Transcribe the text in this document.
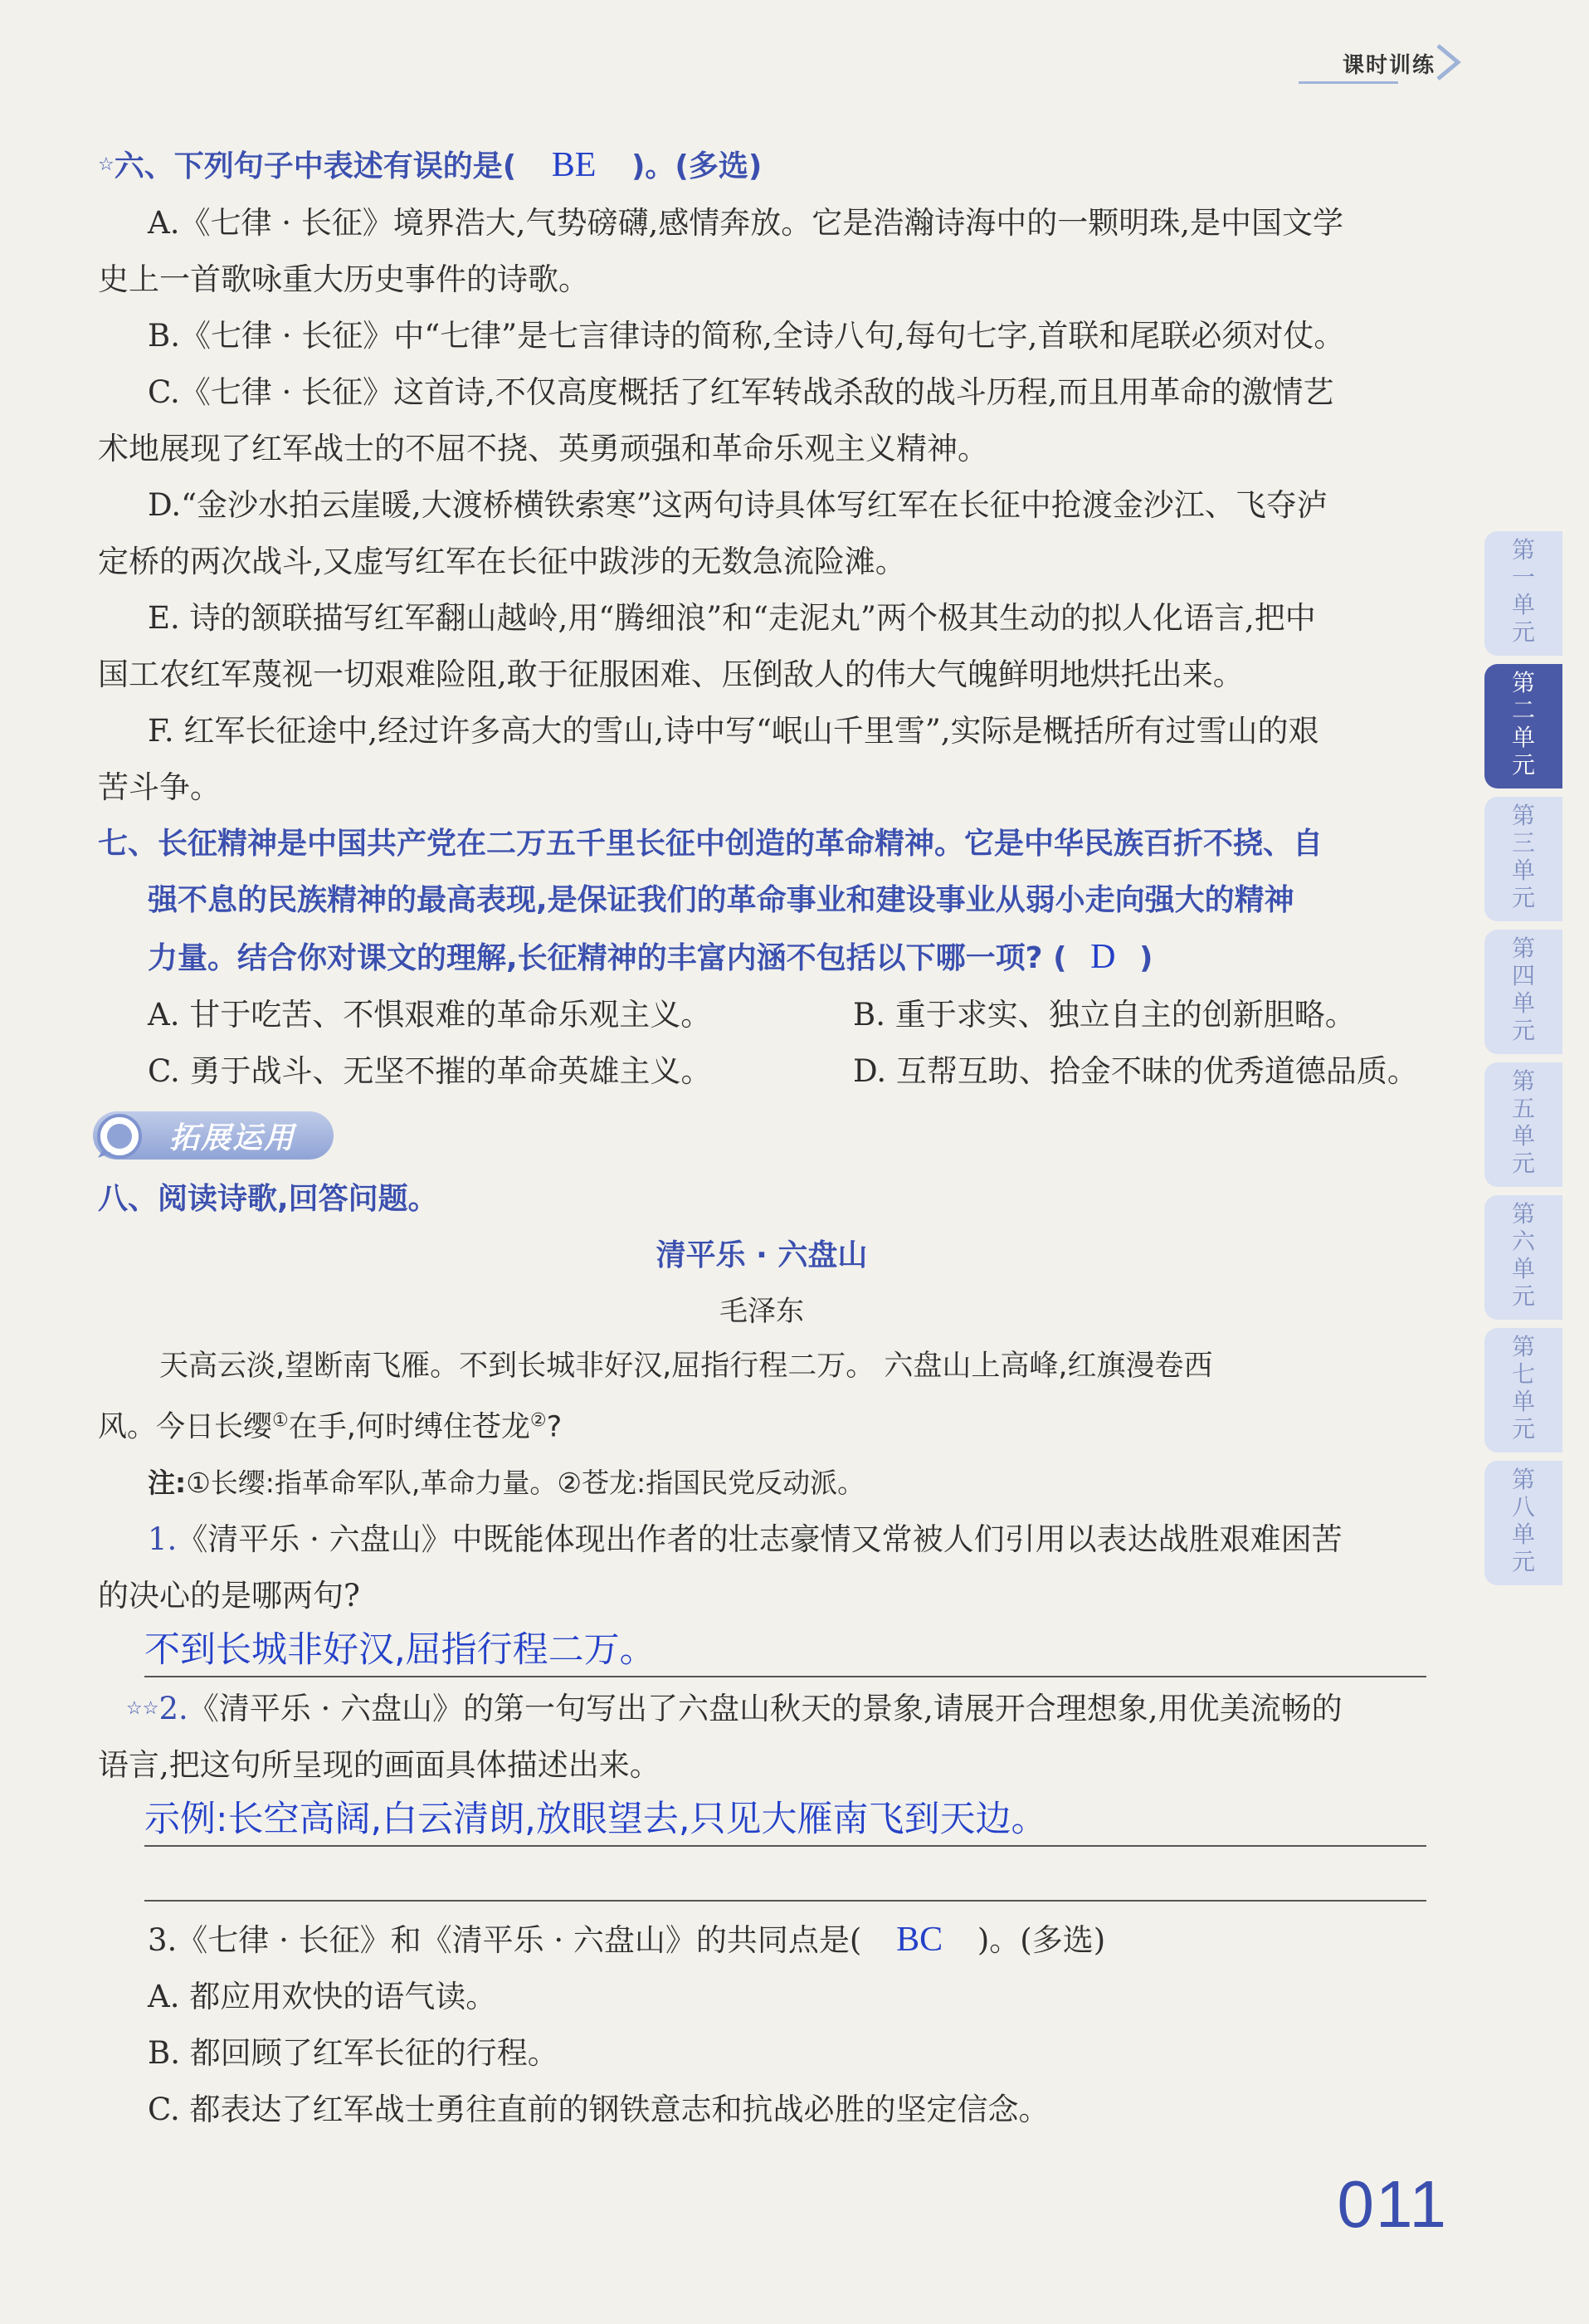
课时训练
☆六、下列句子中表述有误的是( BE )。(多选)
A.《七律 · 长征》境界浩大,气势磅礴,感情奔放。它是浩瀚诗海中的一颗明珠,是中国文学
史上一首歌咏重大历史事件的诗歌。
B.《七律 · 长征》中“七律”是七言律诗的简称,全诗八句,每句七字,首联和尾联必须对仗。
C.《七律 · 长征》这首诗,不仅高度概括了红军转战杀敌的战斗历程,而且用革命的激情艺
术地展现了红军战士的不屈不挠、英勇顽强和革命乐观主义精神。
D.“金沙水拍云崖暖,大渡桥横铁索寒”这两句诗具体写红军在长征中抢渡金沙江、飞夺泸
定桥的两次战斗,又虚写红军在长征中跋涉的无数急流险滩。
E. 诗的颔联描写红军翻山越岭,用“腾细浪”和“走泥丸”两个极其生动的拟人化语言,把中
国工农红军蔑视一切艰难险阻,敢于征服困难、压倒敌人的伟大气魄鲜明地烘托出来。
F. 红军长征途中,经过许多高大的雪山,诗中写“岷山千里雪”,实际是概括所有过雪山的艰
苦斗争。
七、长征精神是中国共产党在二万五千里长征中创造的革命精神。它是中华民族百折不挠、自
强不息的民族精神的最高表现,是保证我们的革命事业和建设事业从弱小走向强大的精神
力量。结合你对课文的理解,长征精神的丰富内涵不包括以下哪一项? ( D )
A. 甘于吃苦、不惧艰难的革命乐观主义。	B. 重于求实、独立自主的创新胆略。
C. 勇于战斗、无坚不摧的革命英雄主义。	D. 互帮互助、拾金不昧的优秀道德品质。
拓展运用
八、阅读诗歌,回答问题。
清平乐 · 六盘山
毛泽东
天高云淡,望断南飞雁。不到长城非好汉,屈指行程二万。 六盘山上高峰,红旗漫卷西
风。今日长缨①在手,何时缚住苍龙②?
注:①长缨:指革命军队,革命力量。②苍龙:指国民党反动派。
1.《清平乐 · 六盘山》中既能体现出作者的壮志豪情又常被人们引用以表达战胜艰难困苦
的决心的是哪两句?
不到长城非好汉,屈指行程二万。
☆☆2.《清平乐 · 六盘山》的第一句写出了六盘山秋天的景象,请展开合理想象,用优美流畅的
语言,把这句所呈现的画面具体描述出来。
示例:长空高阔,白云清朗,放眼望去,只见大雁南飞到天边。
3.《七律 · 长征》和《清平乐 · 六盘山》的共同点是( BC )。(多选)
A. 都应用欢快的语气读。
B. 都回顾了红军长征的行程。
C. 都表达了红军战士勇往直前的钢铁意志和抗战必胜的坚定信念。
第
一
单
元
第
二
单
元
第
三
单
元
第
四
单
元
第
五
单
元
第
六
单
元
第
七
单
元
第
八
单
元
011
